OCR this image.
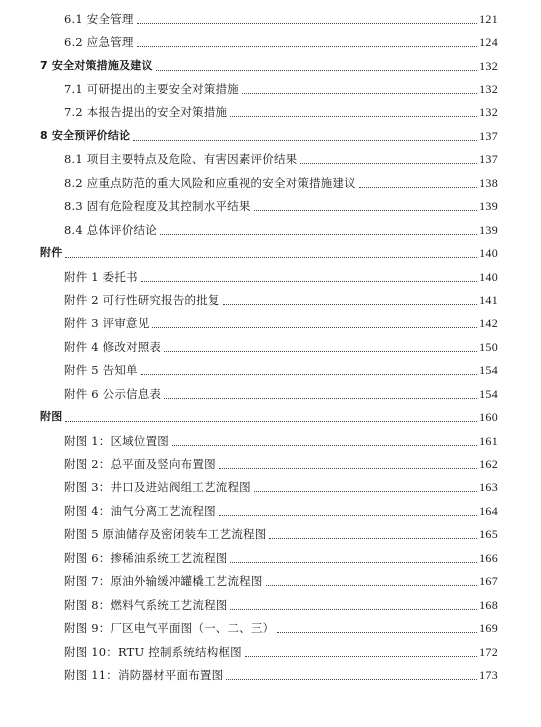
6.1 安全管理	121
6.2 应急管理	124
7 安全对策措施及建议	132
7.1 可研提出的主要安全对策措施	132
7.2 本报告提出的安全对策措施	132
8 安全预评价结论	137
8.1 项目主要特点及危险、有害因素评价结果	137
8.2 应重点防范的重大风险和应重视的安全对策措施建议	138
8.3 固有危险程度及其控制水平结果	139
8.4 总体评价结论	139
附件	140
附件 1 委托书	140
附件 2 可行性研究报告的批复	141
附件 3 评审意见	142
附件 4 修改对照表	150
附件 5 告知单	154
附件 6 公示信息表	154
附图	160
附图 1：区域位置图	161
附图 2：总平面及竖向布置图	162
附图 3：井口及进站阀组工艺流程图	163
附图 4：油气分离工艺流程图	164
附图 5 原油储存及密闭装车工艺流程图	165
附图 6：掺稀油系统工艺流程图	166
附图 7：原油外输缓冲罐橇工艺流程图	167
附图 8：燃料气系统工艺流程图	168
附图 9：厂区电气平面图（一、二、三）	169
附图 10：RTU 控制系统结构框图	172
附图 11：消防器材平面布置图	173
